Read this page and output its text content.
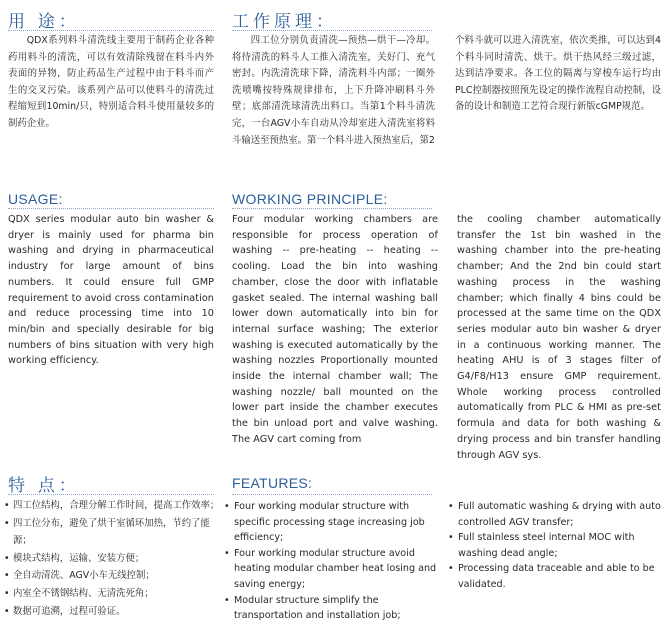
用 途：

QDX系列料斗清洗线主要用于制药企业各种药用料斗的清洗，可以有效清除残留在料斗内外表面的异物，防止药品生产过程中由于料斗而产生的交叉污染。该系列产品可以使料斗的清洗过程缩短到10min/只，特别适合料斗使用量较多的制药企业。

工作原理：

四工位分别负责清洗—预热—烘干—冷却。将待清洗的料斗人工推入清洗室，关好门、充气密封。内洗清洗球下降，清洗料斗内部；一圈外洗喷嘴按特殊规律排布，上下升降冲刷料斗外壁；底部清洗球清洗出料口。当第1个料斗清洗完，一台AGV小车自动从冷却室进入清洗室将料斗输送至预热室。第一个料斗进入预热室后，第2

个料斗就可以进入清洗室，依次类推，可以达到4个料斗同时清洗、烘干。烘干热风经三级过滤，达到洁净要求。各工位的隔离与穿梭车运行均由PLC控制器按照预先设定的操作流程自动控制，设备的设计和制造工艺符合现行新版cGMP规范。

USAGE:

QDX series modular auto bin washer & dryer is mainly used for pharma bin washing and drying in pharmaceutical industry for large amount of bins numbers. It could ensure full GMP requirement to avoid cross contamination and reduce processing time into 10 min/bin and specially desirable for big numbers of bins situation with very high working efficiency.

WORKING PRINCIPLE:

Four modular working chambers are responsible for process operation of washing -- pre-heating -- heating -- cooling. Load the bin into washing chamber, close the door with inflatable gasket sealed. The internal washing ball lower down automatically into bin for internal surface washing; The exterior washing is executed automatically by the washing nozzles Proportionally mounted inside the internal chamber wall; The washing nozzle/ ball mounted on the lower part inside the chamber executes the bin unload port and valve washing. The AGV cart coming from

the cooling chamber automatically transfer the 1st bin washed in the washing chamber into the pre-heating chamber; And the 2nd bin could start washing process in the washing chamber; which finally 4 bins could be processed at the same time on the QDX series modular auto bin washer & dryer in a continuous working manner. The heating AHU is of 3 stages filter of G4/F8/H13 ensure GMP requirement. Whole working process controlled automatically from PLC & HMI as pre-set formula and data for both washing & drying process and bin transfer handling through AGV sys.

特 点：
• 四工位结构，合理分解工作时间，提高工作效率；
• 四工位分布，避免了烘干室循环加热，节约了能源；
• 模块式结构，运输、安装方便；
• 全自动清洗、AGV小车无线控制；
• 内室全不锈钢结构、无清洗死角；
• 数据可追溯，过程可验证。
FEATURES:
• Four working modular structure with specific processing stage increasing job efficiency;
• Four working modular structure avoid heating modular chamber heat losing and saving energy;
• Modular structure simplify the transportation and installation job;
• Full automatic washing & drying with auto controlled AGV transfer;
• Full stainless steel internal MOC with washing dead angle;
• Processing data traceable and able to be validated.
